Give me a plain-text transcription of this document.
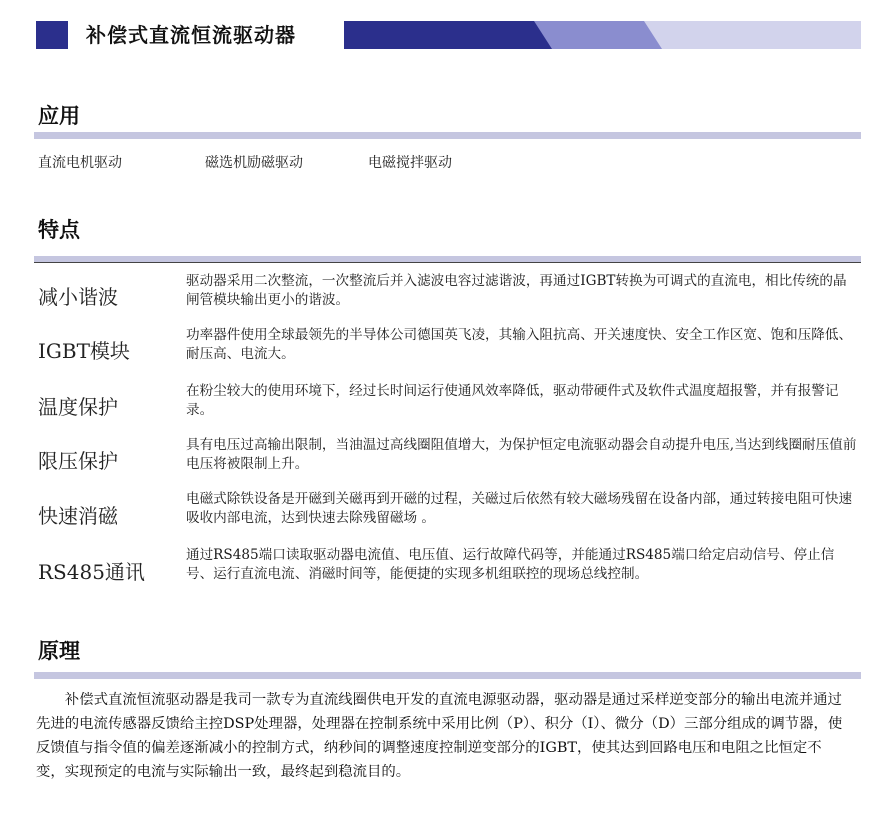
补偿式直流恒流驱动器
应用
直流电机驱动	磁选机励磁驱动	电磁搅拌驱动
特点
减小谐波
驱动器采用二次整流，一次整流后并入滤波电容过滤谐波，再通过IGBT转换为可调式的直流电，相比传统的晶闸管模块输出更小的谐波。
IGBT模块
功率器件使用全球最领先的半导体公司德国英飞凌，其输入阻抗高、开关速度快、安全工作区宽、饱和压降低、耐压高、电流大。
温度保护
在粉尘较大的使用环境下，经过长时间运行使通风效率降低，驱动带硬件式及软件式温度超报警，并有报警记录。
限压保护
具有电压过高输出限制，当油温过高线圈阻值增大，为保护恒定电流驱动器会自动提升电压,当达到线圈耐压值前电压将被限制上升。
快速消磁
电磁式除铁设备是开磁到关磁再到开磁的过程，关磁过后依然有较大磁场残留在设备内部，通过转接电阻可快速吸收内部电流，达到快速去除残留磁场 。
RS485通讯
通过RS485端口读取驱动器电流值、电压值、运行故障代码等，并能通过RS485端口给定启动信号、停止信号、运行直流电流、消磁时间等，能便捷的实现多机组联控的现场总线控制。
原理
补偿式直流恒流驱动器是我司一款专为直流线圈供电开发的直流电源驱动器，驱动器是通过采样逆变部分的输出电流并通过先进的电流传感器反馈给主控DSP处理器，处理器在控制系统中采用比例（P）、积分（I）、微分（D）三部分组成的调节器，使反馈值与指令值的偏差逐渐减小的控制方式，纳秒间的调整速度控制逆变部分的IGBT，使其达到回路电压和电阻之比恒定不变，实现预定的电流与实际输出一致，最终起到稳流目的。
